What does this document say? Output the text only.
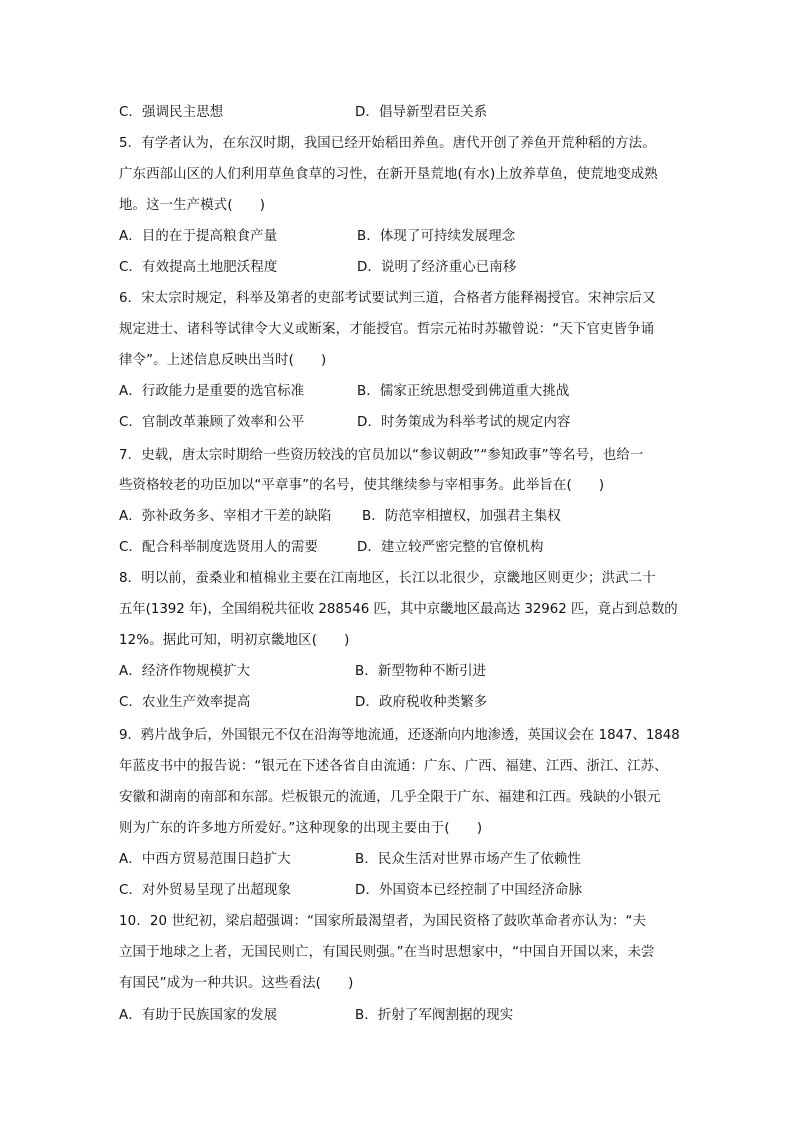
C．强调民主思想	D．倡导新型君臣关系
5．有学者认为，在东汉时期，我国已经开始稻田养鱼。唐代开创了养鱼开荒种稻的方法。
广东西部山区的人们利用草鱼食草的习性，在新开垦荒地(有水)上放养草鱼，使荒地变成熟
地。这一生产模式(　　)
A．目的在于提高粮食产量	B．体现了可持续发展理念
C．有效提高土地肥沃程度	D．说明了经济重心已南移
6．宋太宗时规定，科举及第者的吏部考试要试判三道，合格者方能释褐授官。宋神宗后又
规定进士、诸科等试律令大义或断案，才能授官。哲宗元祐时苏辙曾说：“天下官吏皆争诵
律令”。上述信息反映出当时(　　)
A．行政能力是重要的选官标准	B．儒家正统思想受到佛道重大挑战
C．官制改革兼顾了效率和公平	D．时务策成为科举考试的规定内容
7．史载，唐太宗时期给一些资历较浅的官员加以“参议朝政”“参知政事”等名号，也给一
些资格较老的功臣加以“平章事”的名号，使其继续参与宰相事务。此举旨在(　　)
A．弥补政务多、宰相才干差的缺陷 B．防范宰相擅权，加强君主集权
C．配合科举制度选贤用人的需要	D．建立较严密完整的官僚机构
8．明以前，蚕桑业和植棉业主要在江南地区，长江以北很少，京畿地区则更少；洪武二十
五年(1392 年)，全国绢税共征收 288546 匹，其中京畿地区最高达 32962 匹，竟占到总数的
12%。据此可知，明初京畿地区(　　)
A．经济作物规模扩大	B．新型物种不断引进
C．农业生产效率提高	D．政府税收种类繁多
9．鸦片战争后，外国银元不仅在沿海等地流通，还逐渐向内地渗透，英国议会在 1847、1848
年蓝皮书中的报告说：“银元在下述各省自由流通：广东、广西、福建、江西、浙江、江苏、
安徽和湖南的南部和东部。烂板银元的流通，几乎全限于广东、福建和江西。残缺的小银元
则为广东的许多地方所爱好。”这种现象的出现主要由于(　　)
A．中西方贸易范围日趋扩大	B．民众生活对世界市场产生了依赖性
C．对外贸易呈现了出超现象	D．外国资本已经控制了中国经济命脉
10．20 世纪初，梁启超强调：“国家所最渴望者，为国民资格了鼓吹革命者亦认为：“夫
立国于地球之上者，无国民则亡，有国民则强。”在当时思想家中，“中国自开国以来，未尝
有国民”成为一种共识。这些看法(　　)
A．有助于民族国家的发展	B．折射了军阀割据的现实
